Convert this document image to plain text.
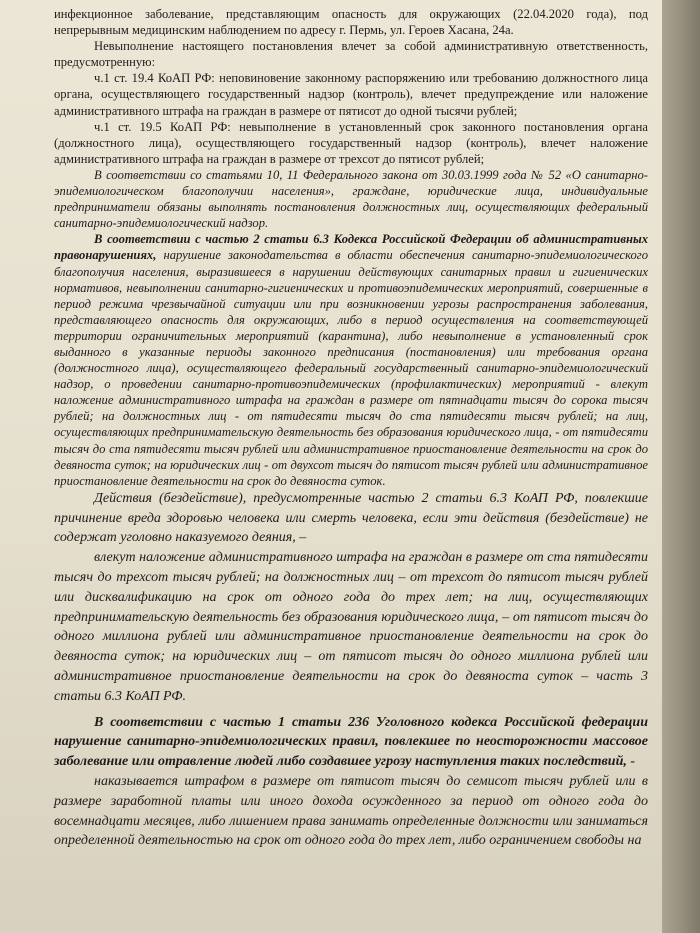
инфекционное заболевание, представляющим опасность для окружающих (22.04.2020 года), под непрерывным медицинским наблюдением по адресу г. Пермь, ул. Героев Хасана, 24а.

Невыполнение настоящего постановления влечет за собой административную ответственность, предусмотренную:

ч.1 ст. 19.4 КоАП РФ: неповиновение законному распоряжению или требованию должностного лица органа, осуществляющего государственный надзор (контроль), влечет предупреждение или наложение административного штрафа на граждан в размере от пятисот до одной тысячи рублей;

ч.1 ст. 19.5 КоАП РФ: невыполнение в установленный срок законного постановления органа (должностного лица), осуществляющего государственный надзор (контроль), влечет наложение административного штрафа на граждан в размере от трехсот до пятисот рублей;

В соответствии со статьями 10, 11 Федерального закона от 30.03.1999 года № 52 «О санитарно-эпидемиологическом благополучии населения», граждане, юридические лица, индивидуальные предприниматели обязаны выполнять постановления должностных лиц, осуществляющих федеральный санитарно-эпидемиологический надзор.

В соответствии с частью 2 статьи 6.3 Кодекса Российской Федерации об административных правонарушениях, нарушение законодательства в области обеспечения санитарно-эпидемиологического благополучия населения, выразившееся в нарушении действующих санитарных правил и гигиенических нормативов, невыполнении санитарно-гигиенических и противоэпидемических мероприятий, совершенные в период режима чрезвычайной ситуации или при возникновении угрозы распространения заболевания, представляющего опасность для окружающих, либо в период осуществления на соответствующей территории ограничительных мероприятий (карантина), либо невыполнение в установленный срок выданного в указанные периоды законного предписания (постановления) или требования органа (должностного лица), осуществляющего федеральный государственный санитарно-эпидемиологический надзор, о проведении санитарно-противоэпидемических (профилактических) мероприятий - влекут наложение административного штрафа на граждан в размере от пятнадцати тысяч до сорока тысяч рублей; на должностных лиц - от пятидесяти тысяч до ста пятидесяти тысяч рублей; на лиц, осуществляющих предпринимательскую деятельность без образования юридического лица, - от пятидесяти тысяч до ста пятидесяти тысяч рублей или административное приостановление деятельности на срок до девяноста суток; на юридических лиц - от двухсот тысяч до пятисот тысяч рублей или административное приостановление деятельности на срок до девяноста суток.

Действия (бездействие), предусмотренные частью 2 статьи 6.3 КоАП РФ, повлекшие причинение вреда здоровью человека или смерть человека, если эти действия (бездействие) не содержат уголовно наказуемого деяния, –

влекут наложение административного штрафа на граждан в размере от ста пятидесяти тысяч до трехсот тысяч рублей; на должностных лиц – от трехсот до пятисот тысяч рублей или дисквалификацию на срок от одного года до трех лет; на лиц, осуществляющих предпринимательскую деятельность без образования юридического лица, – от пятисот тысяч до одного миллиона рублей или административное приостановление деятельности на срок до девяноста суток; на юридических лиц – от пятисот тысяч до одного миллиона рублей или административное приостановление деятельности на срок до девяноста суток – часть 3 статьи 6.3 КоАП РФ.

В соответствии с частью 1 статьи 236 Уголовного кодекса Российской федерации нарушение санитарно-эпидемиологических правил, повлекшее по неосторожности массовое заболевание или отравление людей либо создавшее угрозу наступления таких последствий, -

наказывается штрафом в размере от пятисот тысяч до семисот тысяч рублей или в размере заработной платы или иного дохода осужденного за период от одного года до восемнадцати месяцев, либо лишением права занимать определенные должности или заниматься определенной деятельностью на срок от одного года до трех лет, либо ограничением свободы на
